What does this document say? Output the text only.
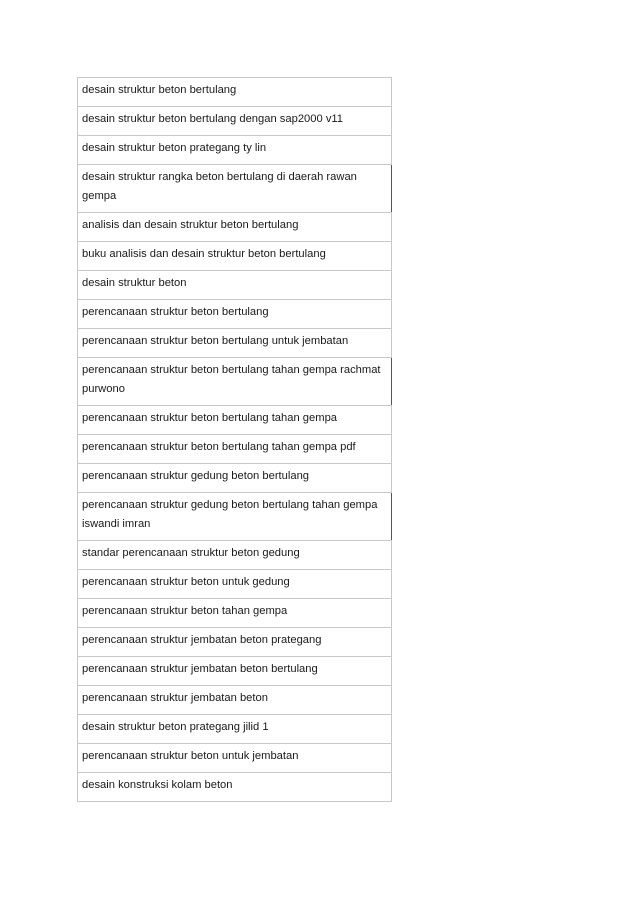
desain struktur beton bertulang
desain struktur beton bertulang dengan sap2000 v11
desain struktur beton prategang ty lin
desain struktur rangka beton bertulang di daerah rawan gempa
analisis dan desain struktur beton bertulang
buku analisis dan desain struktur beton bertulang
desain struktur beton
perencanaan struktur beton bertulang
perencanaan struktur beton bertulang untuk jembatan
perencanaan struktur beton bertulang tahan gempa rachmat purwono
perencanaan struktur beton bertulang tahan gempa
perencanaan struktur beton bertulang tahan gempa pdf
perencanaan struktur gedung beton bertulang
perencanaan struktur gedung beton bertulang tahan gempa iswandi imran
standar perencanaan struktur beton gedung
perencanaan struktur beton untuk gedung
perencanaan struktur beton tahan gempa
perencanaan struktur jembatan beton prategang
perencanaan struktur jembatan beton bertulang
perencanaan struktur jembatan beton
desain struktur beton prategang jilid 1
perencanaan struktur beton untuk jembatan
desain konstruksi kolam beton
